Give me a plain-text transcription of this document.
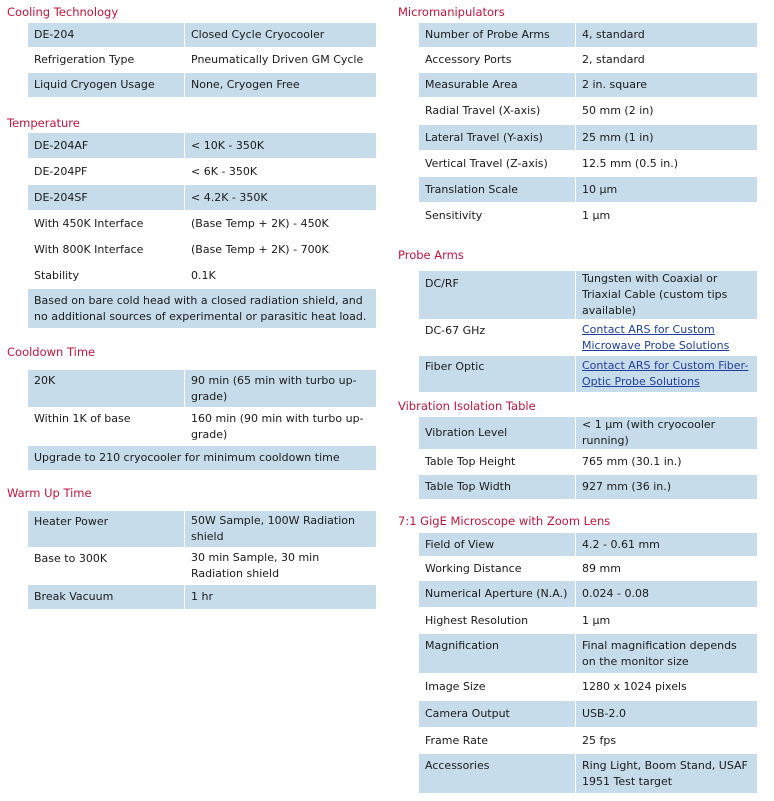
Cooling Technology
DE-204	Closed Cycle Cryocooler
Refrigeration Type	Pneumatically Driven GM Cycle
Liquid Cryogen Usage	None, Cryogen Free
Temperature
DE-204AF	< 10K - 350K
DE-204PF	< 6K - 350K
DE-204SF	< 4.2K - 350K
With 450K Interface	(Base Temp + 2K) - 450K
With 800K Interface	(Base Temp + 2K) - 700K
Stability	0.1K
Based on bare cold head with a closed radiation shield, and no additional sources of experimental or parasitic heat load.	
Cooldown Time
20K	90 min (65 min with turbo up-grade)
Within 1K of base	160 min (90 min with turbo up-grade)
Upgrade to 210 cryocooler for minimum cooldown time	
Warm Up Time
Heater Power	50W Sample, 100W Radiation shield
Base to 300K	30 min Sample, 30 min Radiation shield
Break Vacuum	1 hr
Micromanipulators
Number of Probe Arms	4, standard
Accessory Ports	2, standard
Measurable Area	2 in. square
Radial Travel (X-axis)	50 mm (2 in)
Lateral Travel (Y-axis)	25 mm (1 in)
Vertical Travel (Z-axis)	12.5 mm (0.5 in.)
Translation Scale	10 µm
Sensitivity	1 µm
Probe Arms
DC/RF	Tungsten with Coaxial or Triaxial Cable (custom tips available)
DC-67 GHz	Contact ARS for Custom Microwave Probe Solutions
Fiber Optic	Contact ARS for Custom Fiber-Optic Probe Solutions
Vibration Isolation Table
Vibration Level	< 1 µm (with cryocooler running)
Table Top Height	765 mm (30.1 in.)
Table Top Width	927 mm (36 in.)
7:1 GigE Microscope with Zoom Lens
Field of View	4.2 - 0.61 mm
Working Distance	89 mm
Numerical Aperture (N.A.)	0.024 - 0.08
Highest Resolution	1 µm
Magnification	Final magnification depends on the monitor size
Image Size	1280 x 1024 pixels
Camera Output	USB-2.0
Frame Rate	25 fps
Accessories	Ring Light, Boom Stand, USAF 1951 Test target
